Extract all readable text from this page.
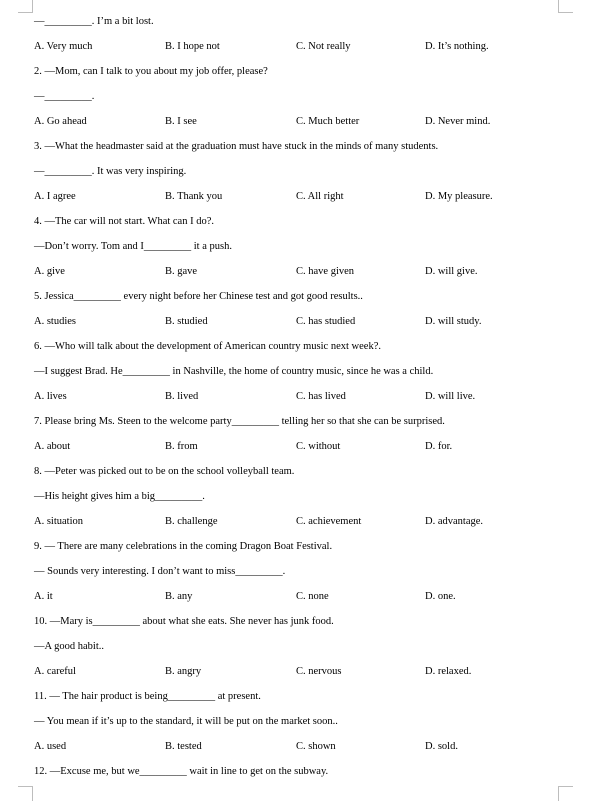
—_________. I’m a bit lost.
A. Very much	B. I hope not	C. Not really	D. It’s nothing.
2. —Mom, can I talk to you about my job offer, please?
—_________.
A. Go ahead	B. I see	C. Much better	D. Never mind.
3. —What the headmaster said at the graduation must have stuck in the minds of many students.
—_________. It was very inspiring.
A. I agree	B. Thank you	C. All right	D. My pleasure.
4. —The car will not start. What can I do?.
—Don’t worry. Tom and I_________ it a push.
A. give	B. gave	C. have given	D. will give.
5. Jessica_________ every night before her Chinese test and got good results..
A. studies	B. studied	C. has studied	D. will study.
6. —Who will talk about the development of American country music next week?.
—I suggest Brad. He_________ in Nashville, the home of country music, since he was a child.
A. lives	B. lived	C. has lived	D. will live.
7. Please bring Ms. Steen to the welcome party_________ telling her so that she can be surprised.
A. about	B. from	C. without	D. for.
8. —Peter was picked out to be on the school volleyball team.
—His height gives him a big_________.
A. situation	B. challenge	C. achievement	D. advantage.
9. — There are many celebrations in the coming Dragon Boat Festival.
— Sounds very interesting. I don’t want to miss_________.
A. it	B. any	C. none	D. one.
10. —Mary is_________ about what she eats. She never has junk food.
—A good habit..
A. careful	B. angry	C. nervous	D. relaxed.
11. — The hair product is being_________ at present.
— You mean if it’s up to the standard, it will be put on the market soon..
A. used	B. tested	C. shown	D. sold.
12. —Excuse me, but we_________ wait in line to get on the subway.
